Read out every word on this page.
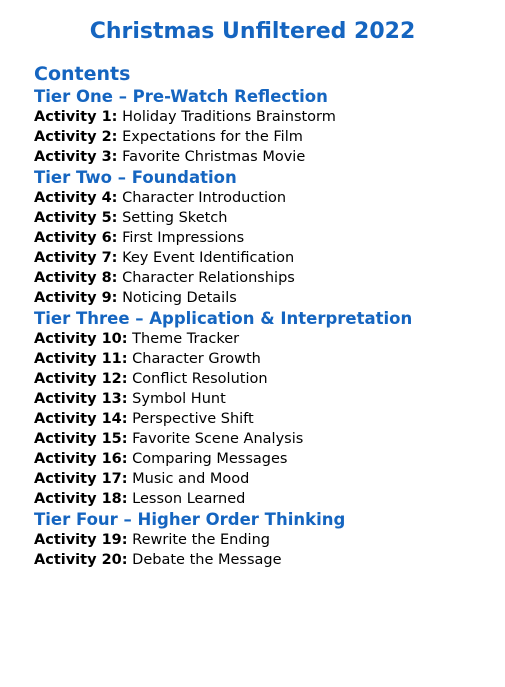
Christmas Unfiltered 2022
Contents
Tier One – Pre-Watch Reflection
Activity 1: Holiday Traditions Brainstorm
Activity 2: Expectations for the Film
Activity 3: Favorite Christmas Movie
Tier Two – Foundation
Activity 4: Character Introduction
Activity 5: Setting Sketch
Activity 6: First Impressions
Activity 7: Key Event Identification
Activity 8: Character Relationships
Activity 9: Noticing Details
Tier Three – Application & Interpretation
Activity 10: Theme Tracker
Activity 11: Character Growth
Activity 12: Conflict Resolution
Activity 13: Symbol Hunt
Activity 14: Perspective Shift
Activity 15: Favorite Scene Analysis
Activity 16: Comparing Messages
Activity 17: Music and Mood
Activity 18: Lesson Learned
Tier Four – Higher Order Thinking
Activity 19: Rewrite the Ending
Activity 20: Debate the Message
